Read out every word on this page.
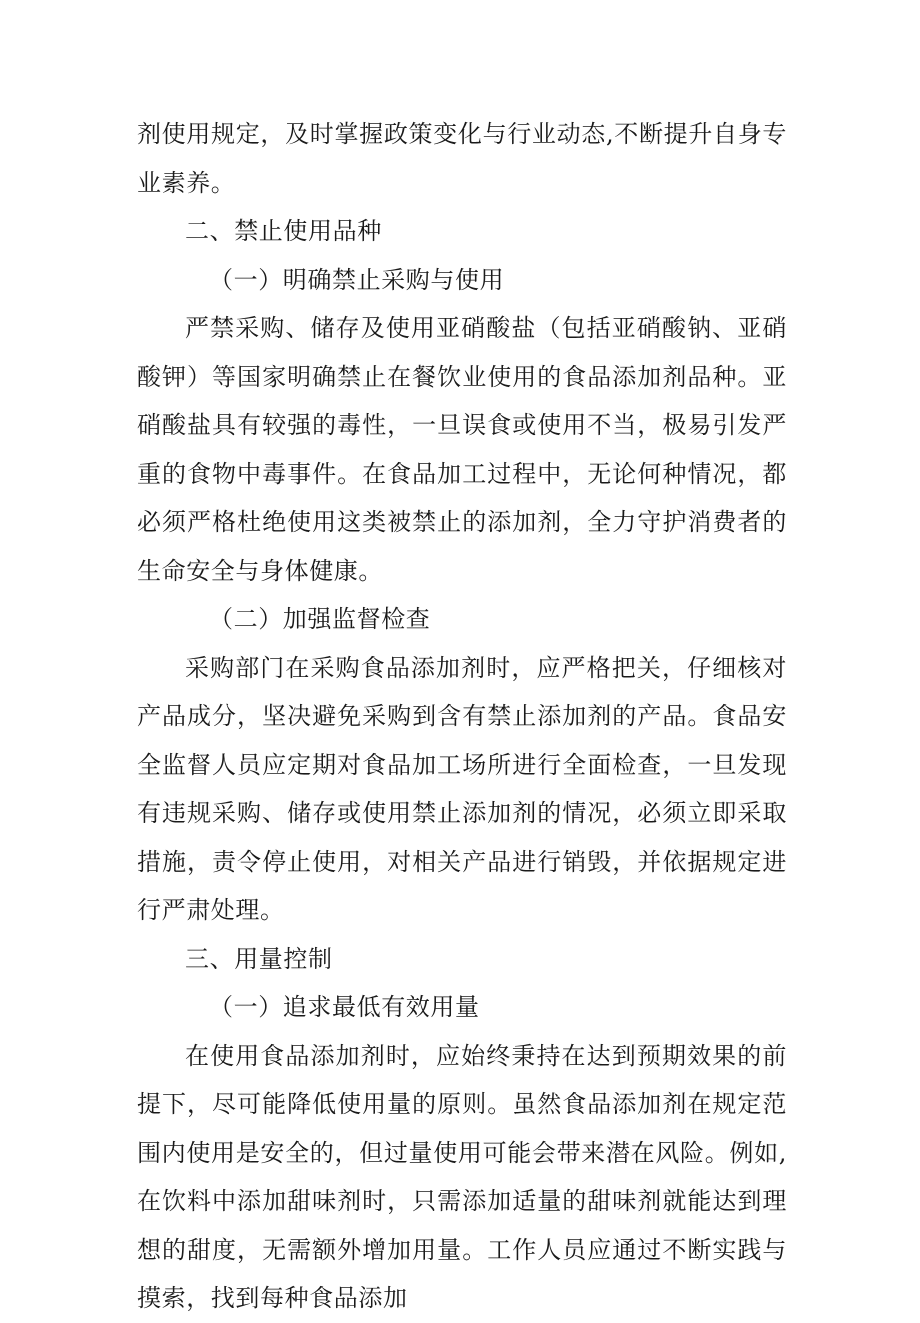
剂使用规定，及时掌握政策变化与行业动态,不断提升自身专业素养。

二、禁止使用品种

（一）明确禁止采购与使用

严禁采购、储存及使用亚硝酸盐（包括亚硝酸钠、亚硝酸钾）等国家明确禁止在餐饮业使用的食品添加剂品种。亚硝酸盐具有较强的毒性，一旦误食或使用不当，极易引发严重的食物中毒事件。在食品加工过程中，无论何种情况，都必须严格杜绝使用这类被禁止的添加剂，全力守护消费者的生命安全与身体健康。

（二）加强监督检查

采购部门在采购食品添加剂时，应严格把关，仔细核对产品成分，坚决避免采购到含有禁止添加剂的产品。食品安全监督人员应定期对食品加工场所进行全面检查，一旦发现有违规采购、储存或使用禁止添加剂的情况，必须立即采取措施，责令停止使用，对相关产品进行销毁，并依据规定进行严肃处理。

三、用量控制

（一）追求最低有效用量

在使用食品添加剂时，应始终秉持在达到预期效果的前提下，尽可能降低使用量的原则。虽然食品添加剂在规定范围内使用是安全的，但过量使用可能会带来潜在风险。例如,在饮料中添加甜味剂时，只需添加适量的甜味剂就能达到理想的甜度，无需额外增加用量。工作人员应通过不断实践与摸索，找到每种食品添加
